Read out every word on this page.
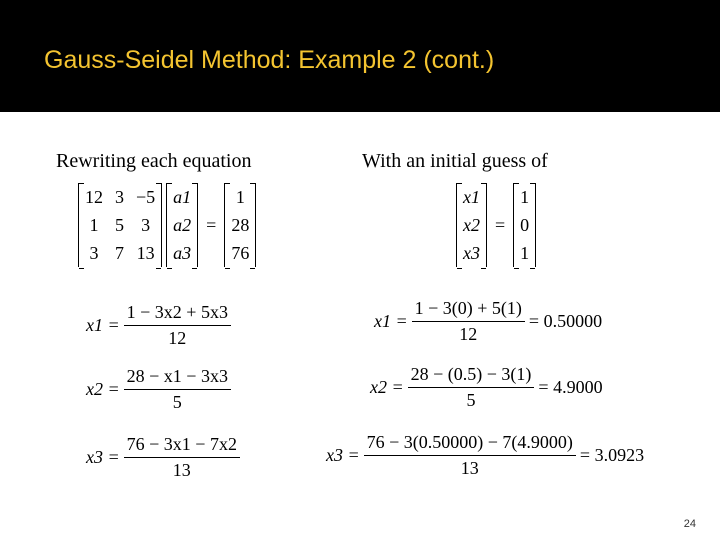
Gauss-Seidel Method: Example 2 (cont.)
Rewriting each equation	With an initial guess of
12	3	−5
1	5	3
3	7	13
a1
a2
a3
=
1
28
76
x1
x2
x3
=
1
0
1
$x1 = \frac{1 - 3x2 + 5x3}{12}$
$x2 = \frac{28 - x1 - 3x3}{5}$
$x3 = \frac{76 - 3x1 - 7x2}{13}$
$x1 = \frac{1 - 3(0) + 5(1)}{12} = 0.50000$
$x2 = \frac{28 - (0.5) - 3(1)}{5} = 4.9000$
$x3 = \frac{76 - 3(0.50000) - 7(4.9000)}{13} = 3.0923$
24
